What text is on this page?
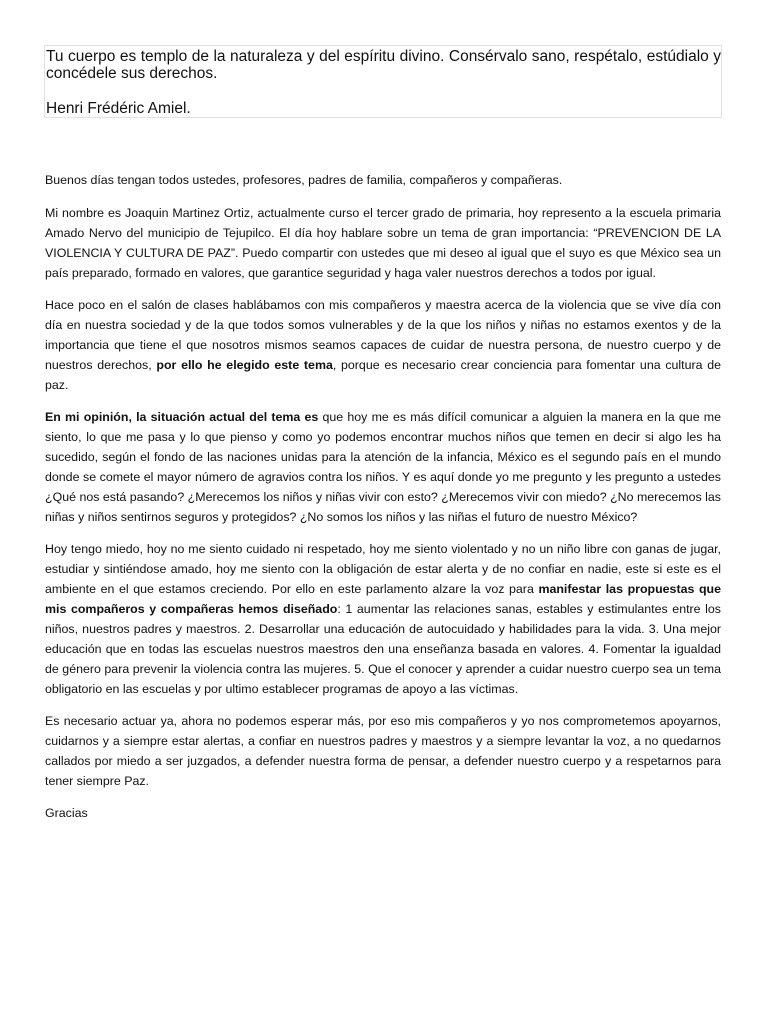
Tu cuerpo es templo de la naturaleza y del espíritu divino. Consérvalo sano, respétalo, estúdialo y concédele sus derechos.

Henri Frédéric Amiel.

Buenos días tengan todos ustedes, profesores, padres de familia, compañeros y compañeras.

Mi nombre es Joaquin Martinez Ortiz, actualmente curso el tercer grado de primaria, hoy represento a la escuela primaria Amado Nervo del municipio de Tejupilco. El día hoy hablare sobre un tema de gran importancia: “PREVENCION DE LA VIOLENCIA Y CULTURA DE PAZ”. Puedo compartir con ustedes que mi deseo al igual que el suyo es que México sea un país preparado, formado en valores, que garantice seguridad y haga valer nuestros derechos a todos por igual.

Hace poco en el salón de clases hablábamos con mis compañeros y maestra acerca de la violencia que se vive día con día en nuestra sociedad y de la que todos somos vulnerables y de la que los niños y niñas no estamos exentos y de la importancia que tiene el que nosotros mismos seamos capaces de cuidar de nuestra persona, de nuestro cuerpo y de nuestros derechos, por ello he elegido este tema, porque es necesario crear conciencia para fomentar una cultura de paz.

En mi opinión, la situación actual del tema es que hoy me es más difícil comunicar a alguien la manera en la que me siento, lo que me pasa y lo que pienso y como yo podemos encontrar muchos niños que temen en decir si algo les ha sucedido, según el fondo de las naciones unidas para la atención de la infancia, México es el segundo país en el mundo donde se comete el mayor número de agravios contra los niños. Y es aquí donde yo me pregunto y les pregunto a ustedes ¿Qué nos está pasando? ¿Merecemos los niños y niñas vivir con esto? ¿Merecemos vivir con miedo? ¿No merecemos las niñas y niños sentirnos seguros y protegidos? ¿No somos los niños y las niñas el futuro de nuestro México?

Hoy tengo miedo, hoy no me siento cuidado ni respetado, hoy me siento violentado y no un niño libre con ganas de jugar, estudiar y sintiéndose amado, hoy me siento con la obligación de estar alerta y de no confiar en nadie, este si este es el ambiente en el que estamos creciendo. Por ello en este parlamento alzare la voz para manifestar las propuestas que mis compañeros y compañeras hemos diseñado: 1 aumentar las relaciones sanas, estables y estimulantes entre los niños, nuestros padres y maestros. 2. Desarrollar una educación de autocuidado y habilidades para la vida. 3. Una mejor educación que en todas las escuelas nuestros maestros den una enseñanza basada en valores. 4. Fomentar la igualdad de género para prevenir la violencia contra las mujeres. 5. Que el conocer y aprender a cuidar nuestro cuerpo sea un tema obligatorio en las escuelas y por ultimo establecer programas de apoyo a las víctimas.

Es necesario actuar ya, ahora no podemos esperar más, por eso mis compañeros y yo nos comprometemos apoyarnos, cuidarnos y a siempre estar alertas, a confiar en nuestros padres y maestros y a siempre levantar la voz, a no quedarnos callados por miedo a ser juzgados, a defender nuestra forma de pensar, a defender nuestro cuerpo y a respetarnos para tener siempre Paz.

Gracias
